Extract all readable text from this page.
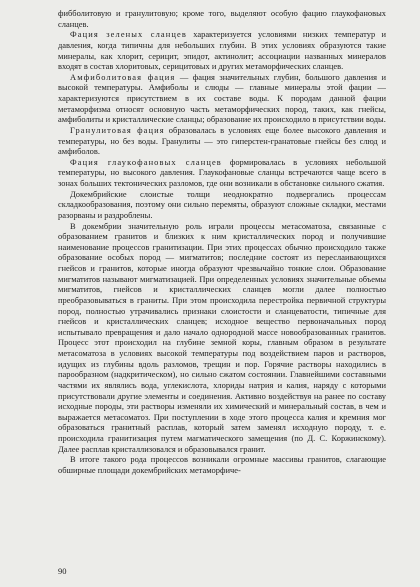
фибболитовую и гранулитовую; кроме того, выделяют особую фацию глаукофановых сланцев.

Фация зеленых сланцев характеризуется условиями низких температур и давления, когда типичны для небольших глубин. В этих условиях образуются такие минералы, как хлорит, серицит, эпидот, актинолит; ассоциации названных минералов входят в состав хлоритовых, серицитовых и других метаморфических сланцев.

Амфиболитовая фация — фация значительных глубин, большого давления и высокой температуры. Амфиболы и слюды — главные минералы этой фации — характеризуются присутствием в их составе воды. К породам данной фации метаморфизма относят основную часть метаморфических пород, таких, как гнейсы, амфиболиты и кристаллические сланцы; образование их происходило в присутствии воды.

Гранулитовая фация образовалась в условиях еще более высокого давления и температуры, но без воды. Гранулиты — это гиперстен-гранатовые гнейсы без слюд и амфиболов.

Фация глаукофановых сланцев формировалась в условиях небольшой температуры, но высокого давления. Глаукофановые сланцы встречаются чаще всего в зонах больших тектонических разломов, где они возникали в обстановке сильного сжатия.

Докембрийские слоистые толщи неоднократно подвергались процессам складкообразования, поэтому они сильно перемяты, образуют сложные складки, местами разорваны и раздроблены.

В докембрии значительную роль играли процессы метасоматоза, связанные с образованием гранитов и близких к ним кристаллических пород и получившие наименование процессов гранитизации. При этих процессах обычно происходило также образование особых пород — мигматитов; последние состоят из переслаивающихся гнейсов и гранитов, которые иногда образуют чрезвычайно тонкие слои. Образование мигматитов называют мигматизацией. При определенных условиях значительные объемы мигматитов, гнейсов и кристаллических сланцев могли далее полностью преобразовываться в граниты. При этом происходила перестройка первичной структуры пород, полностью утрачивались признаки слоистости и сланцеватости, типичные для гнейсов и кристаллических сланцев; исходное вещество первоначальных пород испытывало превращения и дало начало однородной массе новообразованных гранитов. Процесс этот происходил на глубине земной коры, главным образом в результате метасоматоза в условиях высокой температуры под воздействием паров и растворов, идущих из глубины вдоль разломов, трещин и пор. Горячие растворы находились в парообразном (надкритическом), но сильно сжатом состоянии. Главнейшими составными частями их являлись вода, углекислота, хлориды натрия и калия, наряду с которыми присутствовали другие элементы и соединения. Активно воздействуя на ранее по составу исходные породы, эти растворы изменяли их химический и минеральный состав, в чем и выражается метасоматоз. При поступлении в ходе этого процесса калия и кремния мог образоваться гранитный расплав, который затем заменял исходную породу, т. е. происходила гранитизация путем магматического замещения (по Д. С. Коржинскому). Далее расплав кристаллизовался и образовывался гранит.

В итоге такого рода процессов возникали огромные массивы гранитов, слагающие обширные площади докембрийских метаморфиче-

90
